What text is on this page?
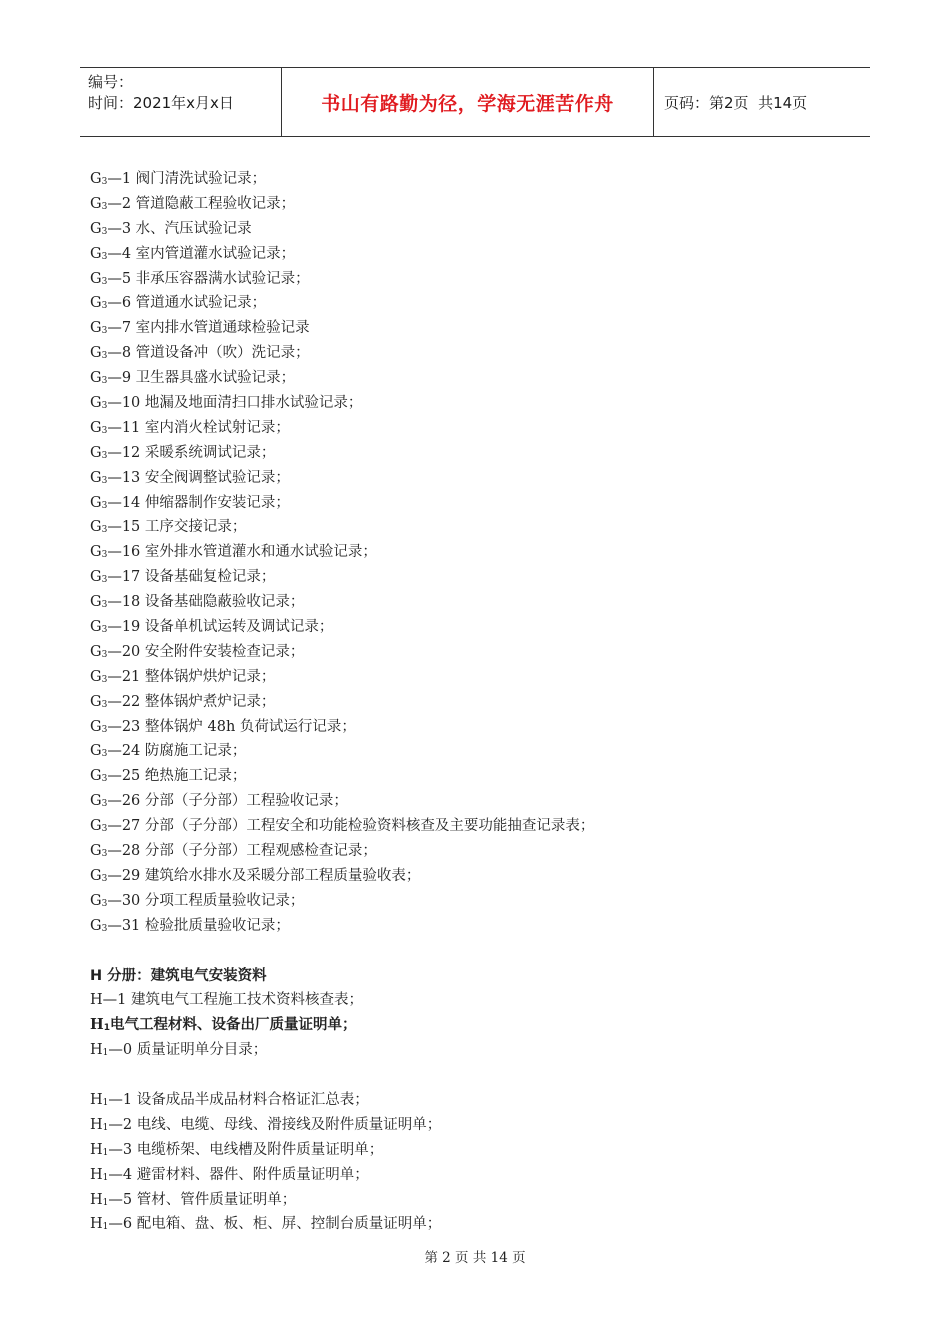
编号：
时间：2021年x月x日	书山有路勤为径，学海无涯苦作舟	页码：第2页  共14页
$G_3—1$ 阀门清洗试验记录；
$G_3—2$ 管道隐蔽工程验收记录；
$G_3—3$ 水、汽压试验记录
$G_3—4$ 室内管道灌水试验记录；
$G_3—5$ 非承压容器满水试验记录；
$G_3—6$ 管道通水试验记录；
$G_3—7$ 室内排水管道通球检验记录
$G_3—8$ 管道设备冲（吹）洗记录；
$G_3—9$ 卫生器具盛水试验记录；
$G_3—10$ 地漏及地面清扫口排水试验记录；
$G_3—11$ 室内消火栓试射记录；
$G_3—12$ 采暖系统调试记录；
$G_3—13$ 安全阀调整试验记录；
$G_3—14$ 伸缩器制作安装记录；
$G_3—15$ 工序交接记录；
$G_3—16$ 室外排水管道灌水和通水试验记录；
$G_3—17$ 设备基础复检记录；
$G_3—18$ 设备基础隐蔽验收记录；
$G_3—19$ 设备单机试运转及调试记录；
$G_3—20$ 安全附件安装检查记录；
$G_3—21$ 整体锅炉烘炉记录；
$G_3—22$ 整体锅炉煮炉记录；
$G_3—23$ 整体锅炉 48h 负荷试运行记录；
$G_3—24$ 防腐施工记录；
$G_3—25$ 绝热施工记录；
$G_3—26$ 分部（子分部）工程验收记录；
$G_3—27$ 分部（子分部）工程安全和功能检验资料核查及主要功能抽查记录表；
$G_3—28$ 分部（子分部）工程观感检查记录；
$G_3—29$ 建筑给水排水及采暖分部工程质量验收表；
$G_3—30$ 分项工程质量验收记录；
$G_3—31$ 检验批质量验收记录；
H 分册：建筑电气安装资料
H—1 建筑电气工程施工技术资料核查表；
$H_1$电气工程材料、设备出厂质量证明单；
$H_1—0$ 质量证明单分目录；
$H_1—1$ 设备成品半成品材料合格证汇总表；
$H_1—2$ 电线、电缆、母线、滑接线及附件质量证明单；
$H_1—3$ 电缆桥架、电线槽及附件质量证明单；
$H_1—4$ 避雷材料、器件、附件质量证明单；
$H_1—5$ 管材、管件质量证明单；
$H_1—6$ 配电箱、盘、板、柜、屏、控制台质量证明单；
第 2 页 共 14 页
